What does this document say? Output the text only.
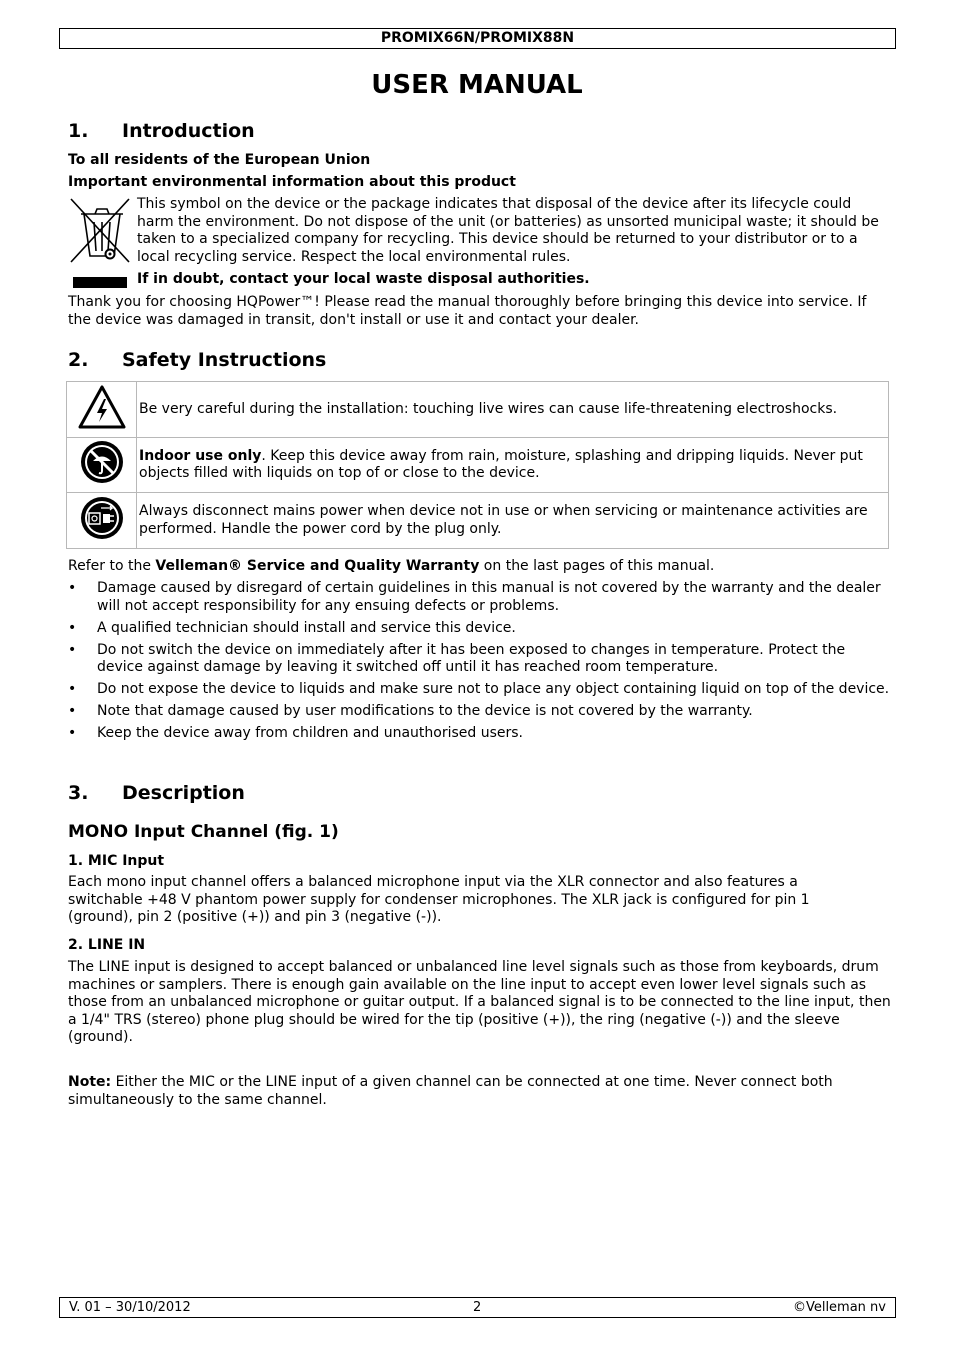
PROMIX66N/PROMIX88N
USER MANUAL
1. Introduction

To all residents of the European Union

Important environmental information about this product

This symbol on the device or the package indicates that disposal of the device after its lifecycle could harm the environment. Do not dispose of the unit (or batteries) as unsorted municipal waste; it should be taken to a specialized company for recycling. This device should be returned to your distributor or to a local recycling service. Respect the local environmental rules.

If in doubt, contact your local waste disposal authorities.

Thank you for choosing HQPower™! Please read the manual thoroughly before bringing this device into service. If the device was damaged in transit, don't install or use it and contact your dealer.

2. Safety Instructions
	Be very careful during the installation: touching live wires can cause life-threatening electroshocks.
	Indoor use only. Keep this device away from rain, moisture, splashing and dripping liquids. Never put objects filled with liquids on top of or close to the device.
	Always disconnect mains power when device not in use or when servicing or maintenance activities are performed. Handle the power cord by the plug only.

Refer to the Velleman® Service and Quality Warranty on the last pages of this manual.

• Damage caused by disregard of certain guidelines in this manual is not covered by the warranty and the dealer will not accept responsibility for any ensuing defects or problems.
• A qualified technician should install and service this device.
• Do not switch the device on immediately after it has been exposed to changes in temperature. Protect the device against damage by leaving it switched off until it has reached room temperature.
• Do not expose the device to liquids and make sure not to place any object containing liquid on top of the device.
• Note that damage caused by user modifications to the device is not covered by the warranty.
• Keep the device away from children and unauthorised users.
3. Description
MONO Input Channel (fig. 1)
1. MIC Input

Each mono input channel offers a balanced microphone input via the XLR connector and also features a switchable +48 V phantom power supply for condenser microphones. The XLR jack is configured for pin 1 (ground), pin 2 (positive (+)) and pin 3 (negative (-)).

2. LINE IN

The LINE input is designed to accept balanced or unbalanced line level signals such as those from keyboards, drum machines or samplers. There is enough gain available on the line input to accept even lower level signals such as those from an unbalanced microphone or guitar output. If a balanced signal is to be connected to the line input, then a 1/4" TRS (stereo) phone plug should be wired for the tip (positive (+)), the ring (negative (-)) and the sleeve (ground).

Note: Either the MIC or the LINE input of a given channel can be connected at one time. Never connect both simultaneously to the same channel.

V. 01 – 30/10/2012	2	©Velleman nv
